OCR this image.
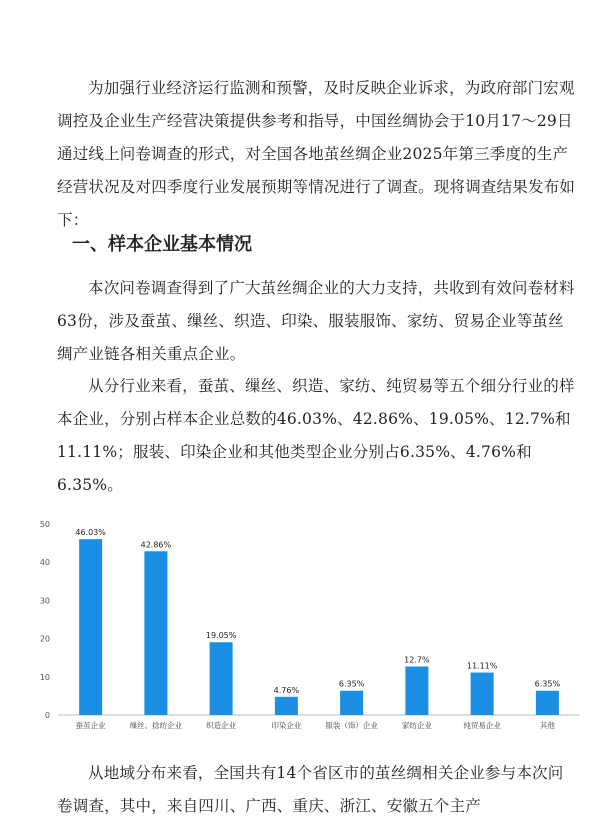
为加强行业经济运行监测和预警，及时反映企业诉求，为政府部门宏观调控及企业生产经营决策提供参考和指导，中国丝绸协会于10月17～29日通过线上问卷调查的形式，对全国各地茧丝绸企业2025年第三季度的生产经营状况及对四季度行业发展预期等情况进行了调查。现将调查结果发布如下：

一、样本企业基本情况

本次问卷调查得到了广大茧丝绸企业的大力支持，共收到有效问卷材料63份，涉及蚕茧、缫丝、织造、印染、服装服饰、家纺、贸易企业等茧丝绸产业链各相关重点企业。

从分行业来看，蚕茧、缫丝、织造、家纺、纯贸易等五个细分行业的样本企业，分别占样本企业总数的46.03%、42.86%、19.05%、12.7%和11.11%；服装、印染企业和其他类型企业分别占6.35%、4.76%和6.35%。

0
10
20
30
40
50
46.03%
蚕茧企业
42.86%
缫丝、捻纺企业
19.05%
织造企业
4.76%
印染企业
6.35%
服装（饰）企业
12.7%
家纺企业
11.11%
纯贸易企业
6.35%
其他

从地域分布来看，全国共有14个省区市的茧丝绸相关企业参与本次问卷调查，其中，来自四川、广西、重庆、浙江、安徽五个主产
